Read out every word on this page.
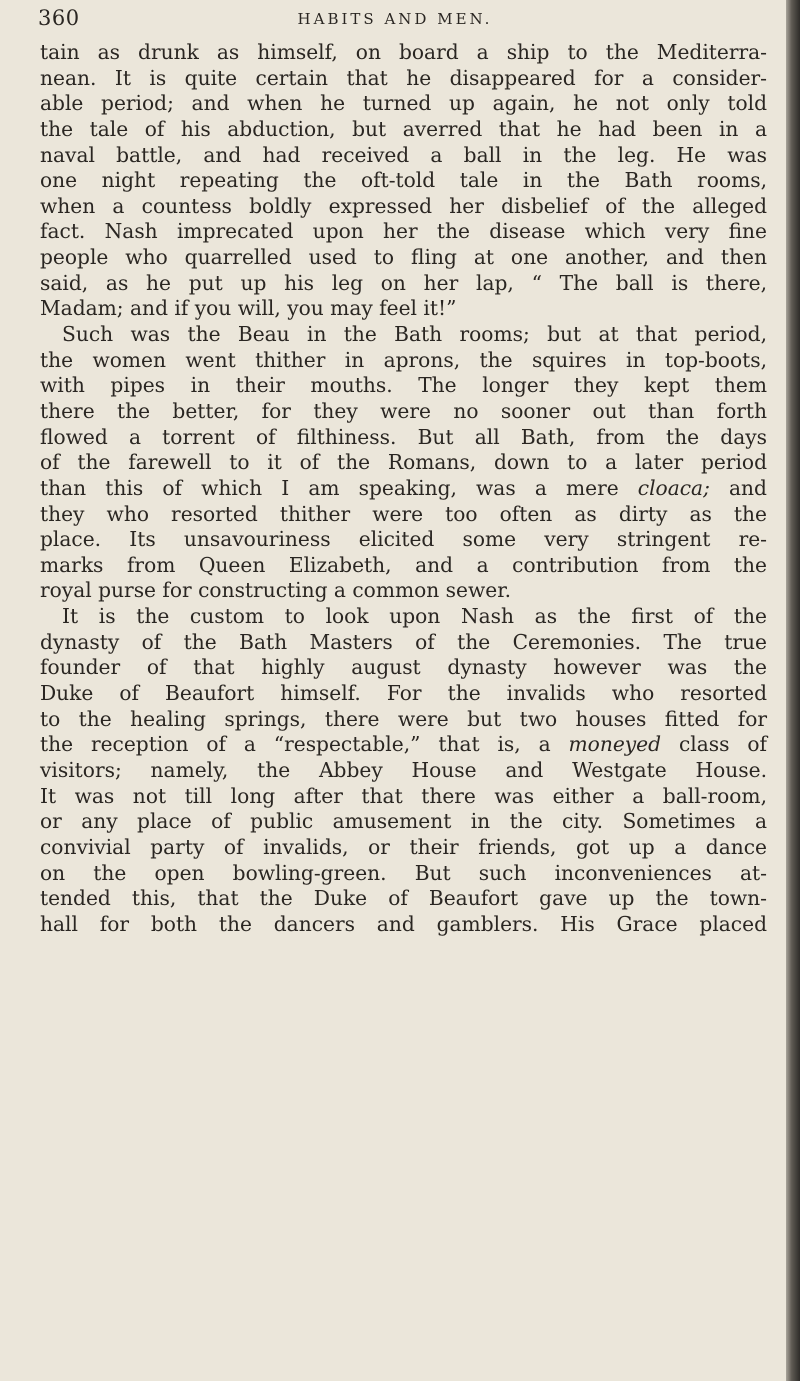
360	HABITS AND MEN.
tain as drunk as himself, on board a ship to the Mediterra-
nean. It is quite certain that he disappeared for a consider-
able period; and when he turned up again, he not only told
the tale of his abduction, but averred that he had been in a
naval battle, and had received a ball in the leg. He was
one night repeating the oft-told tale in the Bath rooms,
when a countess boldly expressed her disbelief of the alleged
fact. Nash imprecated upon her the disease which very fine
people who quarrelled used to fling at one another, and then
said, as he put up his leg on her lap, “ The ball is there,
Madam; and if you will, you may feel it!”
Such was the Beau in the Bath rooms; but at that period,
the women went thither in aprons, the squires in top-boots,
with pipes in their mouths. The longer they kept them
there the better, for they were no sooner out than forth
flowed a torrent of filthiness. But all Bath, from the days
of the farewell to it of the Romans, down to a later period
than this of which I am speaking, was a mere cloaca; and
they who resorted thither were too often as dirty as the
place. Its unsavouriness elicited some very stringent re-
marks from Queen Elizabeth, and a contribution from the
royal purse for constructing a common sewer.
It is the custom to look upon Nash as the first of the
dynasty of the Bath Masters of the Ceremonies. The true
founder of that highly august dynasty however was the
Duke of Beaufort himself. For the invalids who resorted
to the healing springs, there were but two houses fitted for
the reception of a “respectable,” that is, a moneyed class of
visitors; namely, the Abbey House and Westgate House.
It was not till long after that there was either a ball-room,
or any place of public amusement in the city. Sometimes a
convivial party of invalids, or their friends, got up a dance
on the open bowling-green. But such inconveniences at-
tended this, that the Duke of Beaufort gave up the town-
hall for both the dancers and gamblers. His Grace placed
